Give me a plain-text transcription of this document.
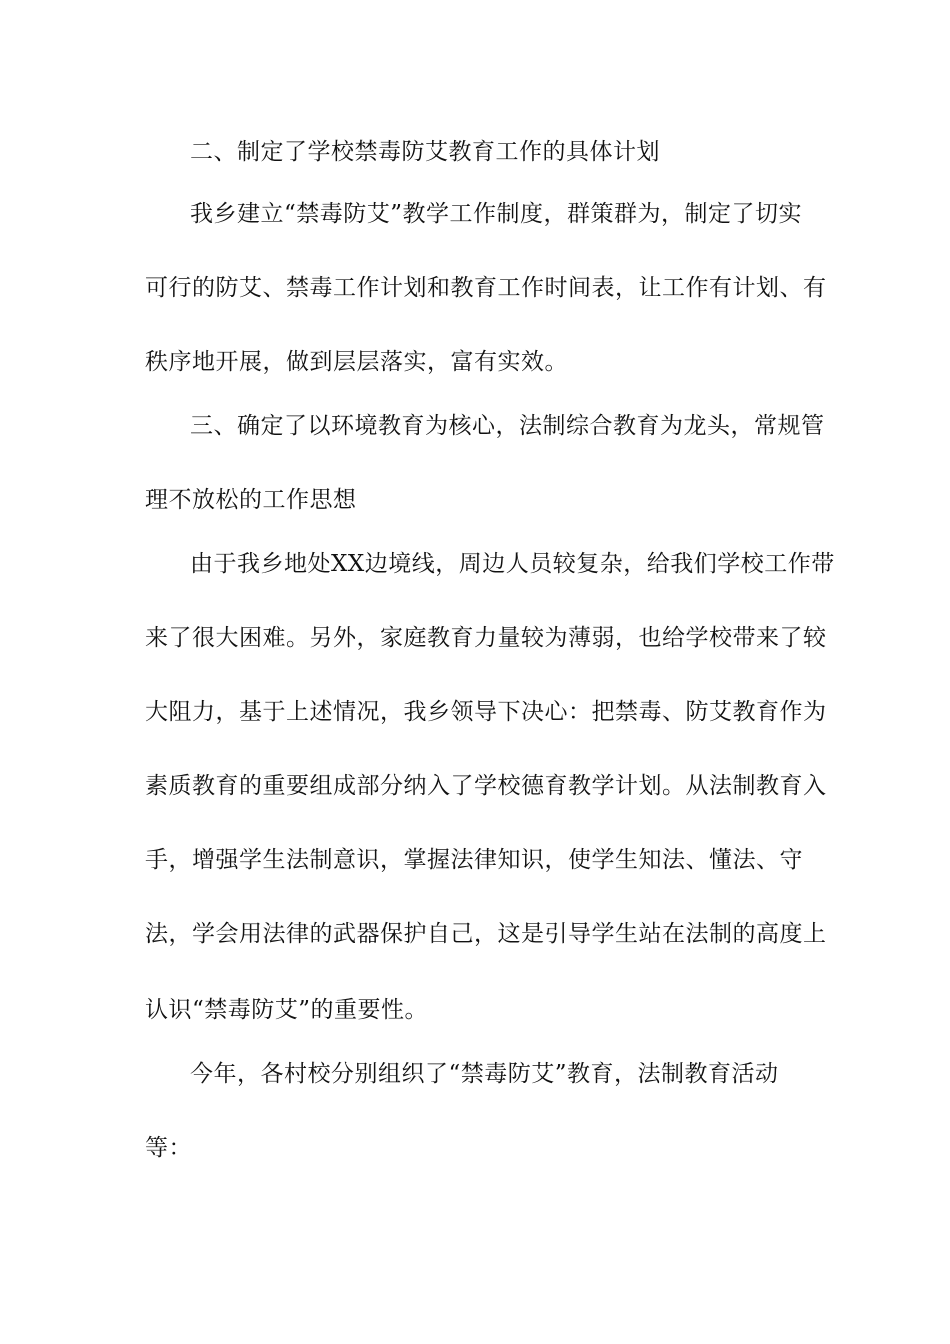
二、制定了学校禁毒防艾教育工作的具体计划

我乡建立“禁毒防艾”教学工作制度，群策群为，制定了切实

可行的防艾、禁毒工作计划和教育工作时间表，让工作有计划、有

秩序地开展，做到层层落实，富有实效。

三、确定了以环境教育为核心，法制综合教育为龙头，常规管

理不放松的工作思想

由于我乡地处XX边境线，周边人员较复杂，给我们学校工作带

来了很大困难。另外，家庭教育力量较为薄弱，也给学校带来了较

大阻力，基于上述情况，我乡领导下决心：把禁毒、防艾教育作为

素质教育的重要组成部分纳入了学校德育教学计划。从法制教育入

手，增强学生法制意识，掌握法律知识，使学生知法、懂法、守

法，学会用法律的武器保护自己，这是引导学生站在法制的高度上

认识“禁毒防艾”的重要性。

今年，各村校分别组织了“禁毒防艾”教育，法制教育活动

等：
